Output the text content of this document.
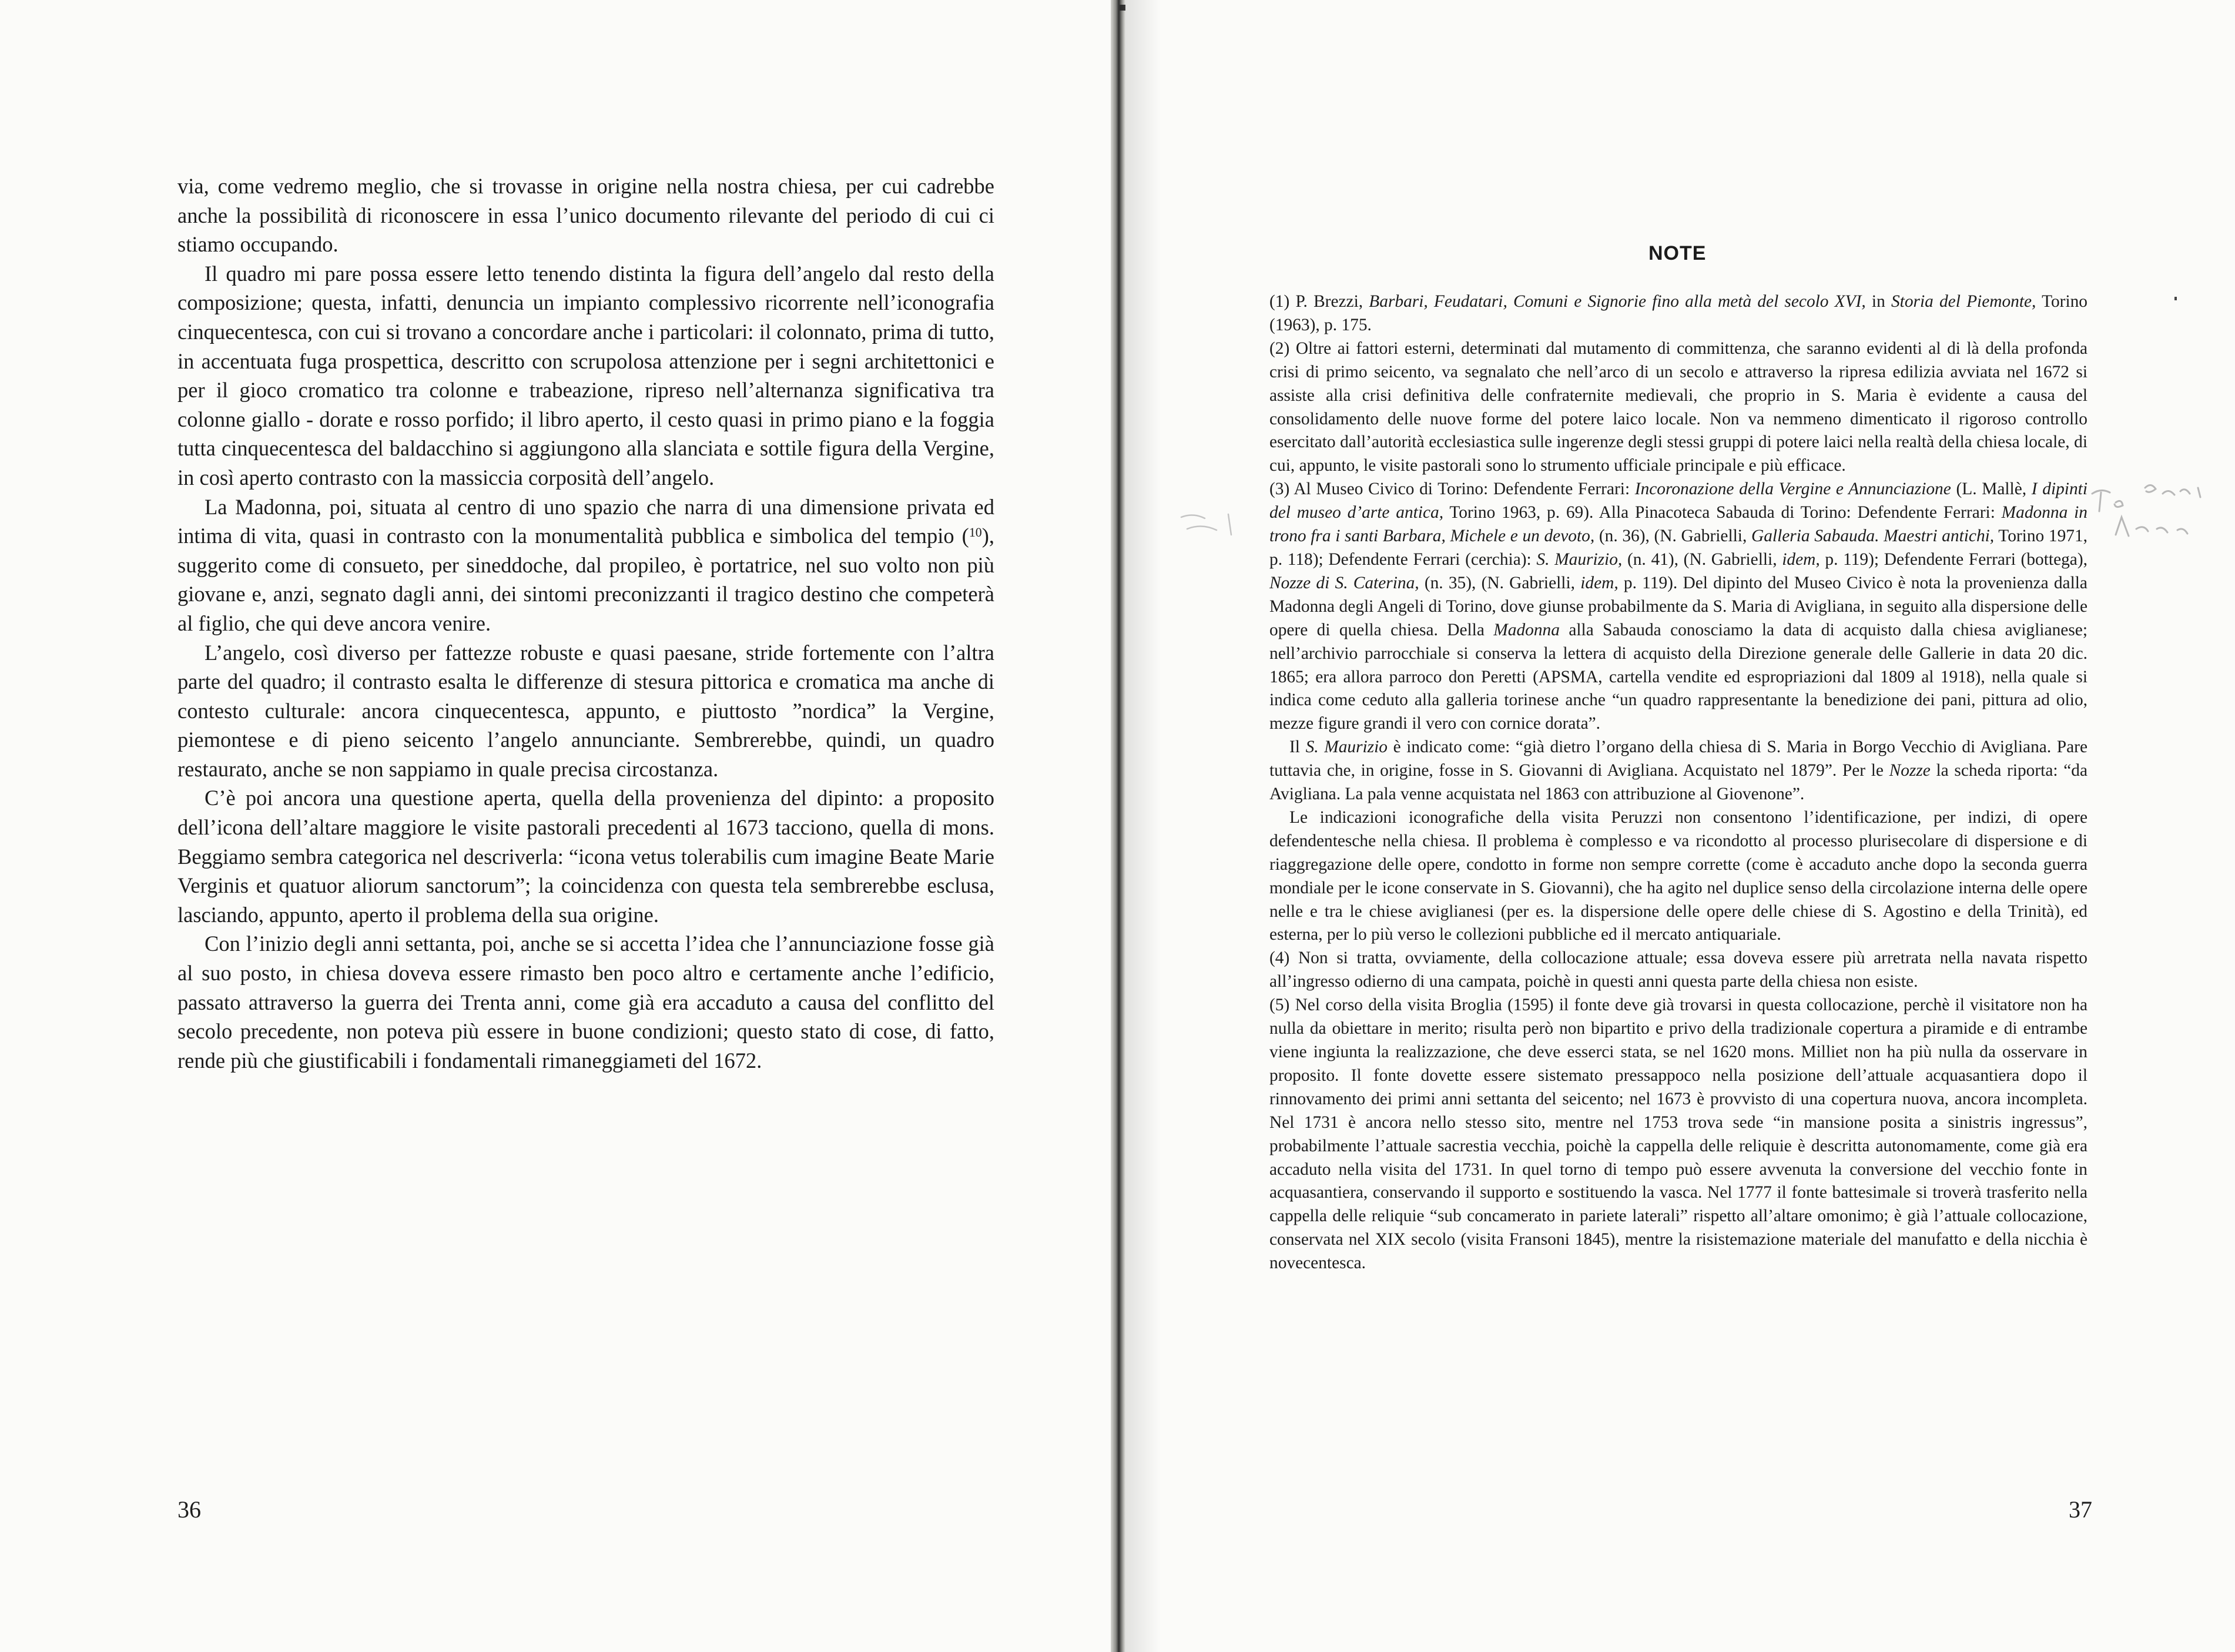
via, come vedremo meglio, che si trovasse in origine nella nostra chiesa, per cui cadrebbe anche la possibilità di riconoscere in essa l’unico documento rilevante del periodo di cui ci stiamo occupando.

Il quadro mi pare possa essere letto tenendo distinta la figura dell’angelo dal resto della composizione; questa, infatti, denuncia un impianto complessivo ricorrente nell’iconografia cinquecentesca, con cui si trovano a concordare anche i particolari: il colonnato, prima di tutto, in accentuata fuga prospettica, descritto con scrupolosa attenzione per i segni architettonici e per il gioco cromatico tra colonne e trabeazione, ripreso nell’alternanza significativa tra colonne giallo - dorate e rosso porfido; il libro aperto, il cesto quasi in primo piano e la foggia tutta cinquecentesca del baldacchino si aggiungono alla slanciata e sottile figura della Vergine, in così aperto contrasto con la massiccia corposità dell’angelo.

La Madonna, poi, situata al centro di uno spazio che narra di una dimensione privata ed intima di vita, quasi in contrasto con la monumentalità pubblica e simbolica del tempio ($^{10}$), suggerito come di consueto, per sineddoche, dal propileo, è portatrice, nel suo volto non più giovane e, anzi, segnato dagli anni, dei sintomi preconizzanti il tragico destino che competerà al figlio, che qui deve ancora venire.

L’angelo, così diverso per fattezze robuste e quasi paesane, stride fortemente con l’altra parte del quadro; il contrasto esalta le differenze di stesura pittorica e cromatica ma anche di contesto culturale: ancora cinquecentesca, appunto, e piuttosto ”nordica” la Vergine, piemontese e di pieno seicento l’angelo annunciante. Sembrerebbe, quindi, un quadro restaurato, anche se non sappiamo in quale precisa circostanza.

C’è poi ancora una questione aperta, quella della provenienza del dipinto: a proposito dell’icona dell’altare maggiore le visite pastorali precedenti al 1673 tacciono, quella di mons. Beggiamo sembra categorica nel descriverla: “icona vetus tolerabilis cum imagine Beate Marie Verginis et quatuor aliorum sanctorum”; la coincidenza con questa tela sembrerebbe esclusa, lasciando, appunto, aperto il problema della sua origine.

Con l’inizio degli anni settanta, poi, anche se si accetta l’idea che l’annunciazione fosse già al suo posto, in chiesa doveva essere rimasto ben poco altro e certamente anche l’edificio, passato attraverso la guerra dei Trenta anni, come già era accaduto a causa del conflitto del secolo precedente, non poteva più essere in buone condizioni; questo stato di cose, di fatto, rende più che giustificabili i fondamentali rimaneggiameti del 1672.

36
NOTE

(1) P. Brezzi, Barbari, Feudatari, Comuni e Signorie fino alla metà del secolo XVI, in Storia del Piemonte, Torino (1963), p. 175.

(2) Oltre ai fattori esterni, determinati dal mutamento di committenza, che saranno evidenti al di là della profonda crisi di primo seicento, va segnalato che nell’arco di un secolo e attraverso la ripresa edilizia avviata nel 1672 si assiste alla crisi definitiva delle confraternite medievali, che proprio in S. Maria è evidente a causa del consolidamento delle nuove forme del potere laico locale. Non va nemmeno dimenticato il rigoroso controllo esercitato dall’autorità ecclesiastica sulle ingerenze degli stessi gruppi di potere laici nella realtà della chiesa locale, di cui, appunto, le visite pastorali sono lo strumento ufficiale principale e più efficace.

(3) Al Museo Civico di Torino: Defendente Ferrari: Incoronazione della Vergine e Annunciazione (L. Mallè, I dipinti del museo d’arte antica, Torino 1963, p. 69). Alla Pinacoteca Sabauda di Torino: Defendente Ferrari: Madonna in trono fra i santi Barbara, Michele e un devoto, (n. 36), (N. Gabrielli, Galleria Sabauda. Maestri antichi, Torino 1971, p. 118); Defendente Ferrari (cerchia): S. Maurizio, (n. 41), (N. Gabrielli, idem, p. 119); Defendente Ferrari (bottega), Nozze di S. Caterina, (n. 35), (N. Gabrielli, idem, p. 119). Del dipinto del Museo Civico è nota la provenienza dalla Madonna degli Angeli di Torino, dove giunse probabilmente da S. Maria di Avigliana, in seguito alla dispersione delle opere di quella chiesa. Della Madonna alla Sabauda conosciamo la data di acquisto dalla chiesa aviglianese; nell’archivio parrocchiale si conserva la lettera di acquisto della Direzione generale delle Gallerie in data 20 dic. 1865; era allora parroco don Peretti (APSMA, cartella vendite ed espropriazioni dal 1809 al 1918), nella quale si indica come ceduto alla galleria torinese anche “un quadro rappresentante la benedizione dei pani, pittura ad olio, mezze figure grandi il vero con cornice dorata”.

Il S. Maurizio è indicato come: “già dietro l’organo della chiesa di S. Maria in Borgo Vecchio di Avigliana. Pare tuttavia che, in origine, fosse in S. Giovanni di Avigliana. Acquistato nel 1879”. Per le Nozze la scheda riporta: “da Avigliana. La pala venne acquistata nel 1863 con attribuzione al Giovenone”.

Le indicazioni iconografiche della visita Peruzzi non consentono l’identificazione, per indizi, di opere defendentesche nella chiesa. Il problema è complesso e va ricondotto al processo plurisecolare di dispersione e di riaggregazione delle opere, condotto in forme non sempre corrette (come è accaduto anche dopo la seconda guerra mondiale per le icone conservate in S. Giovanni), che ha agito nel duplice senso della circolazione interna delle opere nelle e tra le chiese aviglianesi (per es. la dispersione delle opere delle chiese di S. Agostino e della Trinità), ed esterna, per lo più verso le collezioni pubbliche ed il mercato antiquariale.

(4) Non si tratta, ovviamente, della collocazione attuale; essa doveva essere più arretrata nella navata rispetto all’ingresso odierno di una campata, poichè in questi anni questa parte della chiesa non esiste.

(5) Nel corso della visita Broglia (1595) il fonte deve già trovarsi in questa collocazione, perchè il visitatore non ha nulla da obiettare in merito; risulta però non bipartito e privo della tradizionale copertura a piramide e di entrambe viene ingiunta la realizzazione, che deve esserci stata, se nel 1620 mons. Milliet non ha più nulla da osservare in proposito. Il fonte dovette essere sistemato pressappoco nella posizione dell’attuale acquasantiera dopo il rinnovamento dei primi anni settanta del seicento; nel 1673 è provvisto di una copertura nuova, ancora incompleta. Nel 1731 è ancora nello stesso sito, mentre nel 1753 trova sede “in mansione posita a sinistris ingressus”, probabilmente l’attuale sacrestia vecchia, poichè la cappella delle reliquie è descritta autonomamente, come già era accaduto nella visita del 1731. In quel torno di tempo può essere avvenuta la conversione del vecchio fonte in acquasantiera, conservando il supporto e sostituendo la vasca. Nel 1777 il fonte battesimale si troverà trasferito nella cappella delle reliquie “sub concamerato in pariete laterali” rispetto all’altare omonimo; è già l’attuale collocazione, conservata nel XIX secolo (visita Fransoni 1845), mentre la risistemazione materiale del manufatto e della nicchia è novecentesca.

37
